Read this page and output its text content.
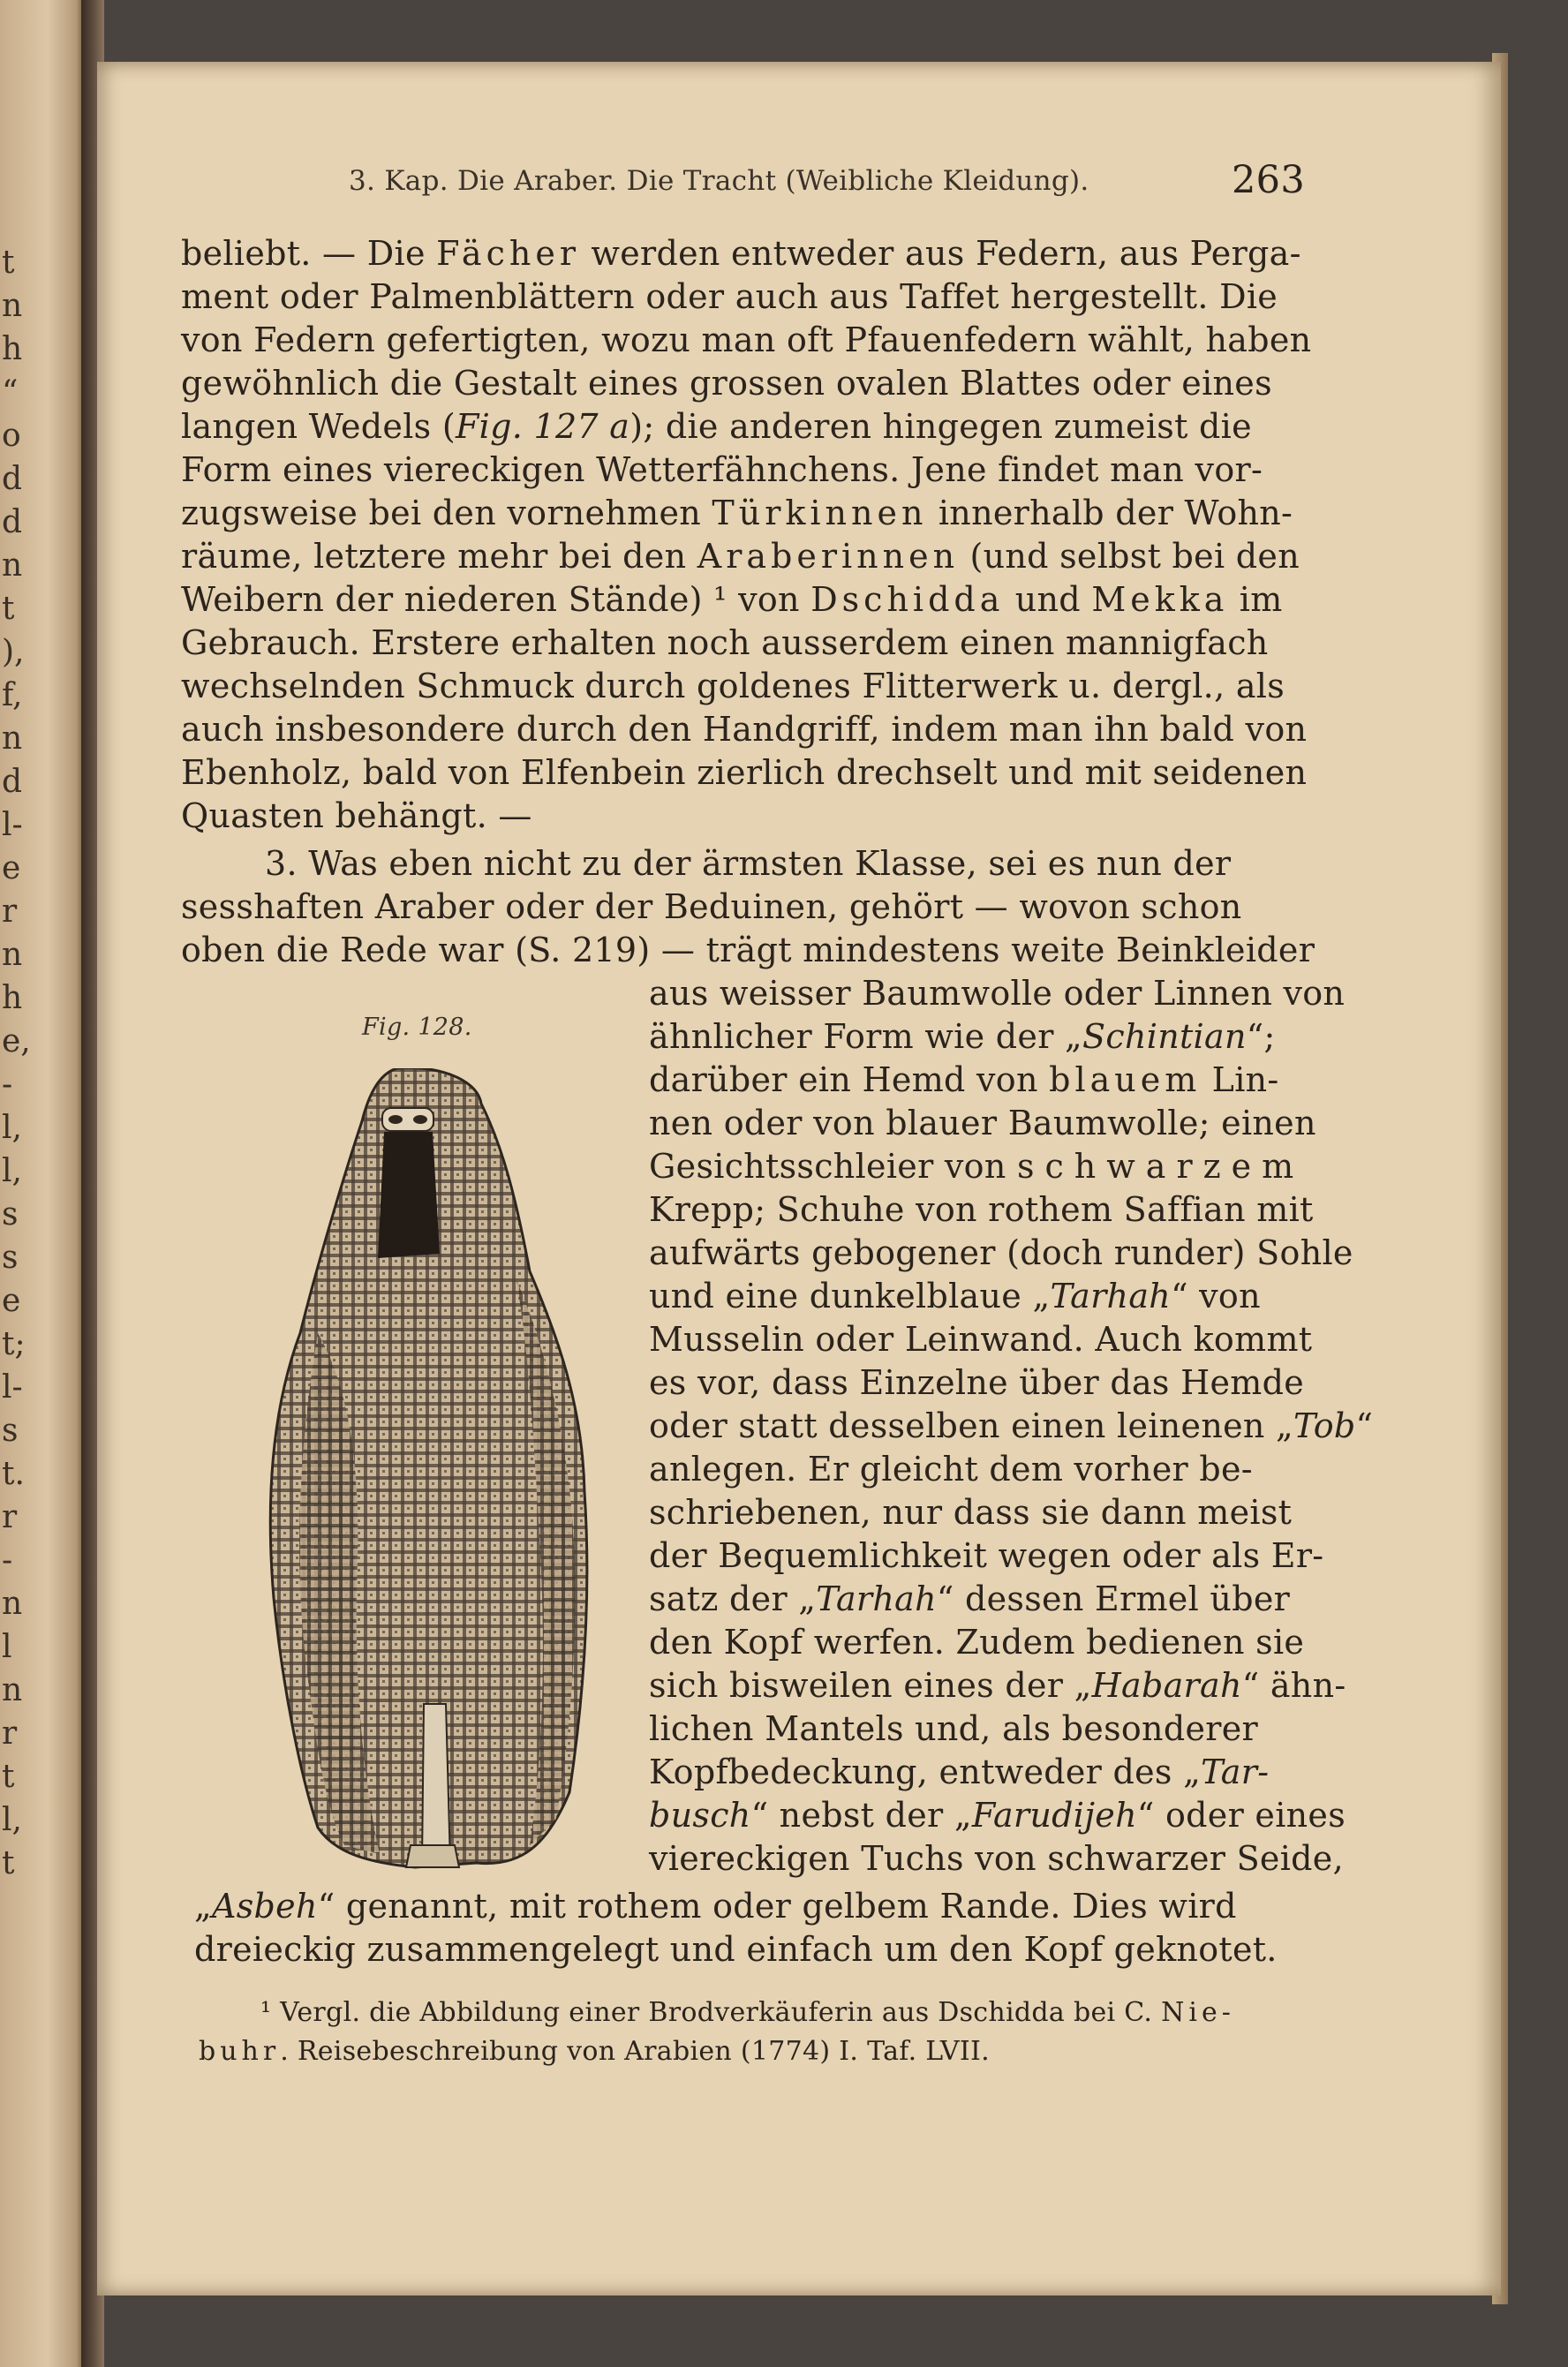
t
n
h
“
o
d
d
n
t
),
f,
n
d
l-
e
r
n
h
e,
-
l,
l,
s
s
e
t;
l-
s
t.
r
-
n
l
n
r
t
l,
t
3. Kap. Die Araber. Die Tracht (Weibliche Kleidung).	263
beliebt. — Die Fächer werden entweder aus Federn, aus Perga-
ment oder Palmenblättern oder auch aus Taffet hergestellt. Die
von Federn gefertigten, wozu man oft Pfauenfedern wählt, haben
gewöhnlich die Gestalt eines grossen ovalen Blattes oder eines
langen Wedels (Fig. 127 a); die anderen hingegen zumeist die
Form eines viereckigen Wetterfähnchens. Jene findet man vor-
zugsweise bei den vornehmen Türkinnen innerhalb der Wohn-
räume, letztere mehr bei den Araberinnen (und selbst bei den
Weibern der niederen Stände) ¹ von Dschidda und Mekka im
Gebrauch. Erstere erhalten noch ausserdem einen mannigfach
wechselnden Schmuck durch goldenes Flitterwerk u. dergl., als
auch insbesondere durch den Handgriff, indem man ihn bald von
Ebenholz, bald von Elfenbein zierlich drechselt und mit seidenen
Quasten behängt. —
3. Was eben nicht zu der ärmsten Klasse, sei es nun der
sesshaften Araber oder der Beduinen, gehört — wovon schon
oben die Rede war (S. 219) — trägt mindestens weite Beinkleider
aus weisser Baumwolle oder Linnen von
ähnlicher Form wie der „Schintian“;
darüber ein Hemd von blauem Lin-
nen oder von blauer Baumwolle; einen
Gesichtsschleier von schwarzem
Krepp; Schuhe von rothem Saffian mit
aufwärts gebogener (doch runder) Sohle
und eine dunkelblaue „Tarhah“ von
Musselin oder Leinwand. Auch kommt
es vor, dass Einzelne über das Hemde
oder statt desselben einen leinenen „Tob“
anlegen. Er gleicht dem vorher be-
schriebenen, nur dass sie dann meist
der Bequemlichkeit wegen oder als Er-
satz der „Tarhah“ dessen Ermel über
den Kopf werfen. Zudem bedienen sie
sich bisweilen eines der „Habarah“ ähn-
lichen Mantels und, als besonderer
Kopfbedeckung, entweder des „Tar-
busch“ nebst der „Farudijeh“ oder eines
viereckigen Tuchs von schwarzer Seide,
„Asbeh“ genannt, mit rothem oder gelbem Rande. Dies wird
dreieckig zusammengelegt und einfach um den Kopf geknotet.
¹ Vergl. die Abbildung einer Brodverkäuferin aus Dschidda bei C. Nie-
buhr. Reisebeschreibung von Arabien (1774) I. Taf. LVII.
Fig. 128.
